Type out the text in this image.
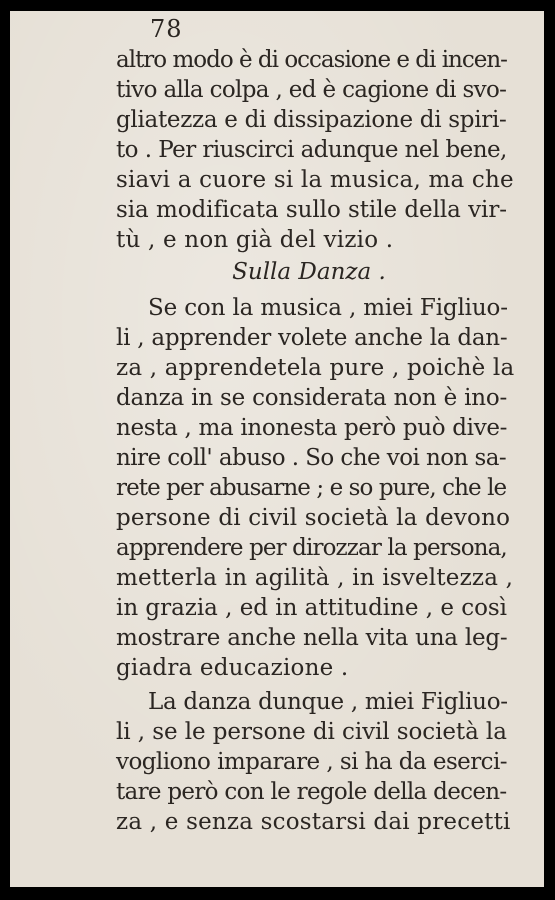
78
altro modo è di occasione e di incen-
tivo alla colpa , ed è cagione di svo-
gliatezza e di dissipazione di spiri-
to . Per riuscirci adunque nel bene,
siavi a cuore si la musica, ma che
sia modificata sullo stile della vir-
tù , e non già del vizio .
Sulla Danza .
Se con la musica , miei Figliuo-
li , apprender volete anche la dan-
za , apprendetela pure , poichè la
danza in se considerata non è ino-
nesta , ma inonesta però può dive-
nire coll' abuso . So che voi non sa-
rete per abusarne ; e so pure, che le
persone di civil società la devono
apprendere per dirozzar la persona,
metterla in agilità , in isveltezza ,
in grazia , ed in attitudine , e così
mostrare anche nella vita una leg-
giadra educazione .
La danza dunque , miei Figliuo-
li , se le persone di civil società la
vogliono imparare , si ha da eserci-
tare però con le regole della decen-
za , e senza scostarsi dai precetti
